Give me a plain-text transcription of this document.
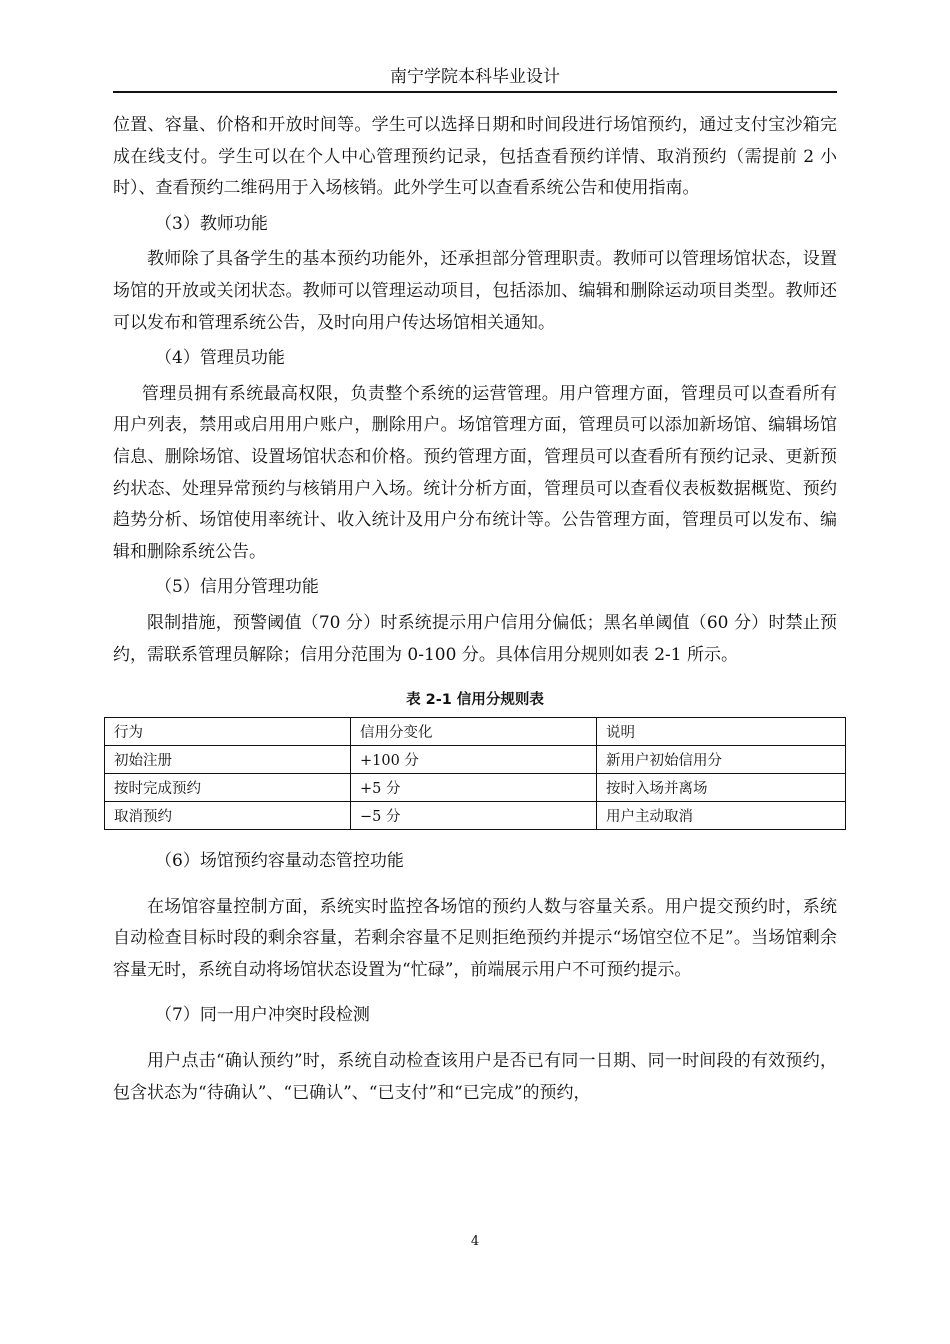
南宁学院本科毕业设计

位置、容量、价格和开放时间等。学生可以选择日期和时间段进行场馆预约，通过支付宝沙箱完成在线支付。学生可以在个人中心管理预约记录，包括查看预约详情、取消预约（需提前 2 小时）、查看预约二维码用于入场核销。此外学生可以查看系统公告和使用指南。

（3）教师功能

教师除了具备学生的基本预约功能外，还承担部分管理职责。教师可以管理场馆状态，设置场馆的开放或关闭状态。教师可以管理运动项目，包括添加、编辑和删除运动项目类型。教师还可以发布和管理系统公告，及时向用户传达场馆相关通知。

（4）管理员功能

管理员拥有系统最高权限，负责整个系统的运营管理。用户管理方面，管理员可以查看所有用户列表，禁用或启用用户账户，删除用户。场馆管理方面，管理员可以添加新场馆、编辑场馆信息、删除场馆、设置场馆状态和价格。预约管理方面，管理员可以查看所有预约记录、更新预约状态、处理异常预约与核销用户入场。统计分析方面，管理员可以查看仪表板数据概览、预约趋势分析、场馆使用率统计、收入统计及用户分布统计等。公告管理方面，管理员可以发布、编辑和删除系统公告。

（5）信用分管理功能

限制措施，预警阈值（70 分）时系统提示用户信用分偏低；黑名单阈值（60 分）时禁止预约，需联系管理员解除；信用分范围为 0-100 分。具体信用分规则如表 2-1 所示。

表 2-1 信用分规则表
行为	信用分变化	说明
初始注册	+100 分	新用户初始信用分
按时完成预约	+5 分	按时入场并离场
取消预约	−5 分	用户主动取消

（6）场馆预约容量动态管控功能

在场馆容量控制方面，系统实时监控各场馆的预约人数与容量关系。用户提交预约时，系统自动检查目标时段的剩余容量，若剩余容量不足则拒绝预约并提示“场馆空位不足”。当场馆剩余容量无时，系统自动将场馆状态设置为“忙碌”，前端展示用户不可预约提示。

（7）同一用户冲突时段检测

用户点击“确认预约”时，系统自动检查该用户是否已有同一日期、同一时间段的有效预约，包含状态为“待确认”、“已确认”、“已支付”和“已完成”的预约，

4
